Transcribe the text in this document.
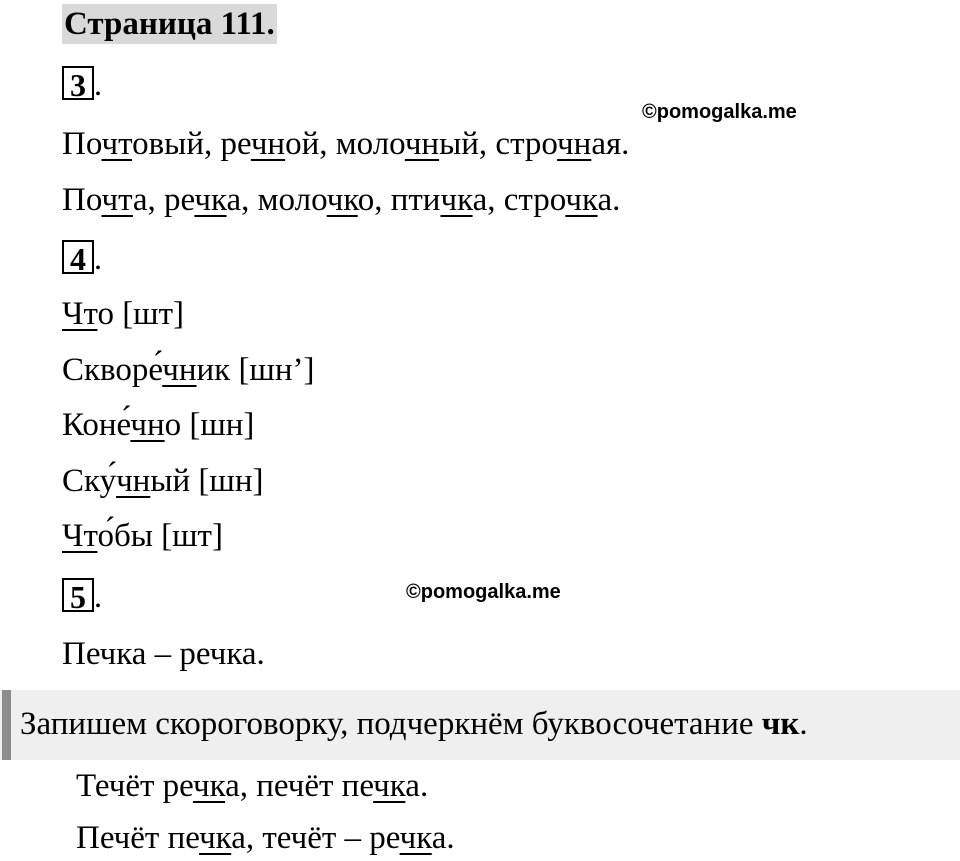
Страница 111.
3 .
©pomogalka.me
Почтовый, речной, молочный, строчная.
Почта, речка, молочко, птичка, строчка.
4 .
Что [шт]
Скворе́чник [шн’]
Коне́чно [шн]
Ску́чный [шн]
Что́бы [шт]
5 .	©pomogalka.me
Печка – речка.
Запишем скороговорку, подчеркнём буквосочетание чк.
Течёт речка, печёт печка.
Печёт печка, течёт – речка.
